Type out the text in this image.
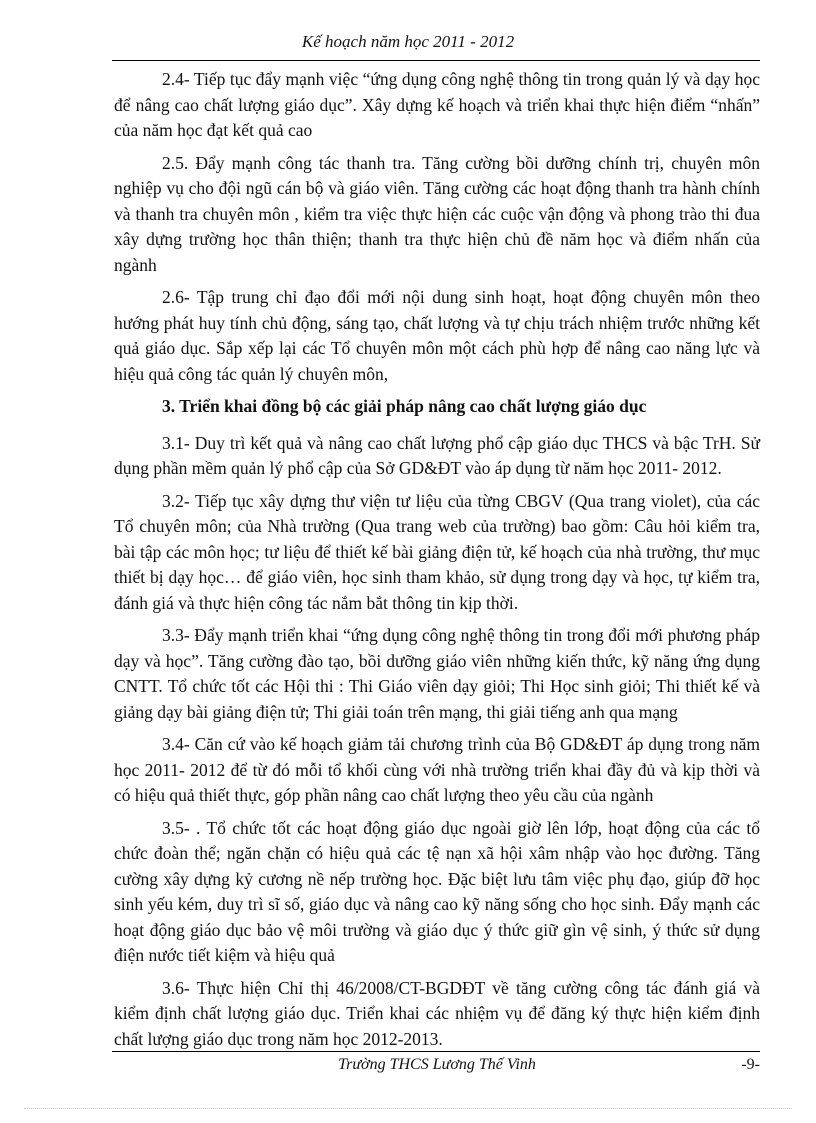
Kế hoạch năm học 2011 - 2012

2.4- Tiếp tục đẩy mạnh việc “ứng dụng công nghệ thông tin trong quản lý và dạy học để nâng cao chất lượng giáo dục”. Xây dựng kế hoạch và triển khai thực hiện điểm “nhấn” của năm học đạt kết quả cao

2.5. Đẩy mạnh công tác thanh tra. Tăng cường bồi dưỡng chính trị, chuyên môn nghiệp vụ cho đội ngũ cán bộ và giáo viên. Tăng cường các hoạt động thanh tra hành chính và thanh tra chuyên môn , kiểm tra việc thực hiện các cuộc vận động và phong trào thi đua xây dựng trường học thân thiện; thanh tra thực hiện chủ đề năm học và điểm nhấn của ngành

2.6- Tập trung chỉ đạo đổi mới nội dung sinh hoạt, hoạt động chuyên môn theo hướng phát huy tính chủ động, sáng tạo, chất lượng và tự chịu trách nhiệm trước những kết quả giáo dục. Sắp xếp lại các Tổ chuyên môn một cách phù hợp để nâng cao năng lực và hiệu quả công tác quản lý chuyên môn,

3. Triển khai đồng bộ các giải pháp nâng cao chất lượng giáo dục

3.1- Duy trì kết quả và nâng cao chất lượng phổ cập giáo dục THCS và bậc TrH. Sử dụng phần mềm quản lý phổ cập của Sở GD&ĐT vào áp dụng từ năm học 2011- 2012.

3.2- Tiếp tục xây dựng thư viện tư liệu của từng CBGV (Qua trang violet), của các Tổ chuyên môn; của Nhà trường (Qua trang web của trường) bao gồm: Câu hỏi kiểm tra, bài tập các môn học; tư liệu để thiết kế bài giảng điện tử, kế hoạch của nhà trường, thư mục thiết bị dạy học… để giáo viên, học sinh tham khảo, sử dụng trong dạy và học, tự kiểm tra, đánh giá và thực hiện công tác nắm bắt thông tin kịp thời.

3.3- Đẩy mạnh triển khai “ứng dụng công nghệ thông tin trong đổi mới phương pháp dạy và học”. Tăng cường đào tạo, bồi dưỡng giáo viên những kiến thức, kỹ năng ứng dụng CNTT. Tổ chức tốt các Hội thi : Thi Giáo viên dạy giỏi; Thi Học sinh giỏi; Thi thiết kế và giảng dạy bài giảng điện tử; Thi giải toán trên mạng, thi giải tiếng anh qua mạng

3.4- Căn cứ vào kế hoạch giảm tải chương trình của Bộ GD&ĐT áp dụng trong năm học 2011- 2012 để từ đó mỗi tổ khối cùng với nhà trường triển khai đầy đủ và kịp thời và có hiệu quả thiết thực, góp phần nâng cao chất lượng theo yêu cầu của ngành

3.5- . Tổ chức tốt các hoạt động giáo dục ngoài giờ lên lớp, hoạt động của các tổ chức đoàn thể; ngăn chặn có hiệu quả các tệ nạn xã hội xâm nhập vào học đường. Tăng cường xây dựng kỷ cương nề nếp trường học. Đặc biệt lưu tâm việc phụ đạo, giúp đỡ học sinh yếu kém, duy trì sĩ số, giáo dục và nâng cao kỹ năng sống cho học sinh. Đẩy mạnh các hoạt động giáo dục bảo vệ môi trường và giáo dục ý thức giữ gìn vệ sinh, ý thức sử dụng điện nước tiết kiệm và hiệu quả

3.6- Thực hiện Chỉ thị 46/2008/CT-BGDĐT về tăng cường công tác đánh giá và kiểm định chất lượng giáo dục. Triển khai các nhiệm vụ để đăng ký thực hiện kiểm định chất lượng giáo dục trong năm học 2012-2013.

Trường THCS Lương Thế Vinh	-9-
